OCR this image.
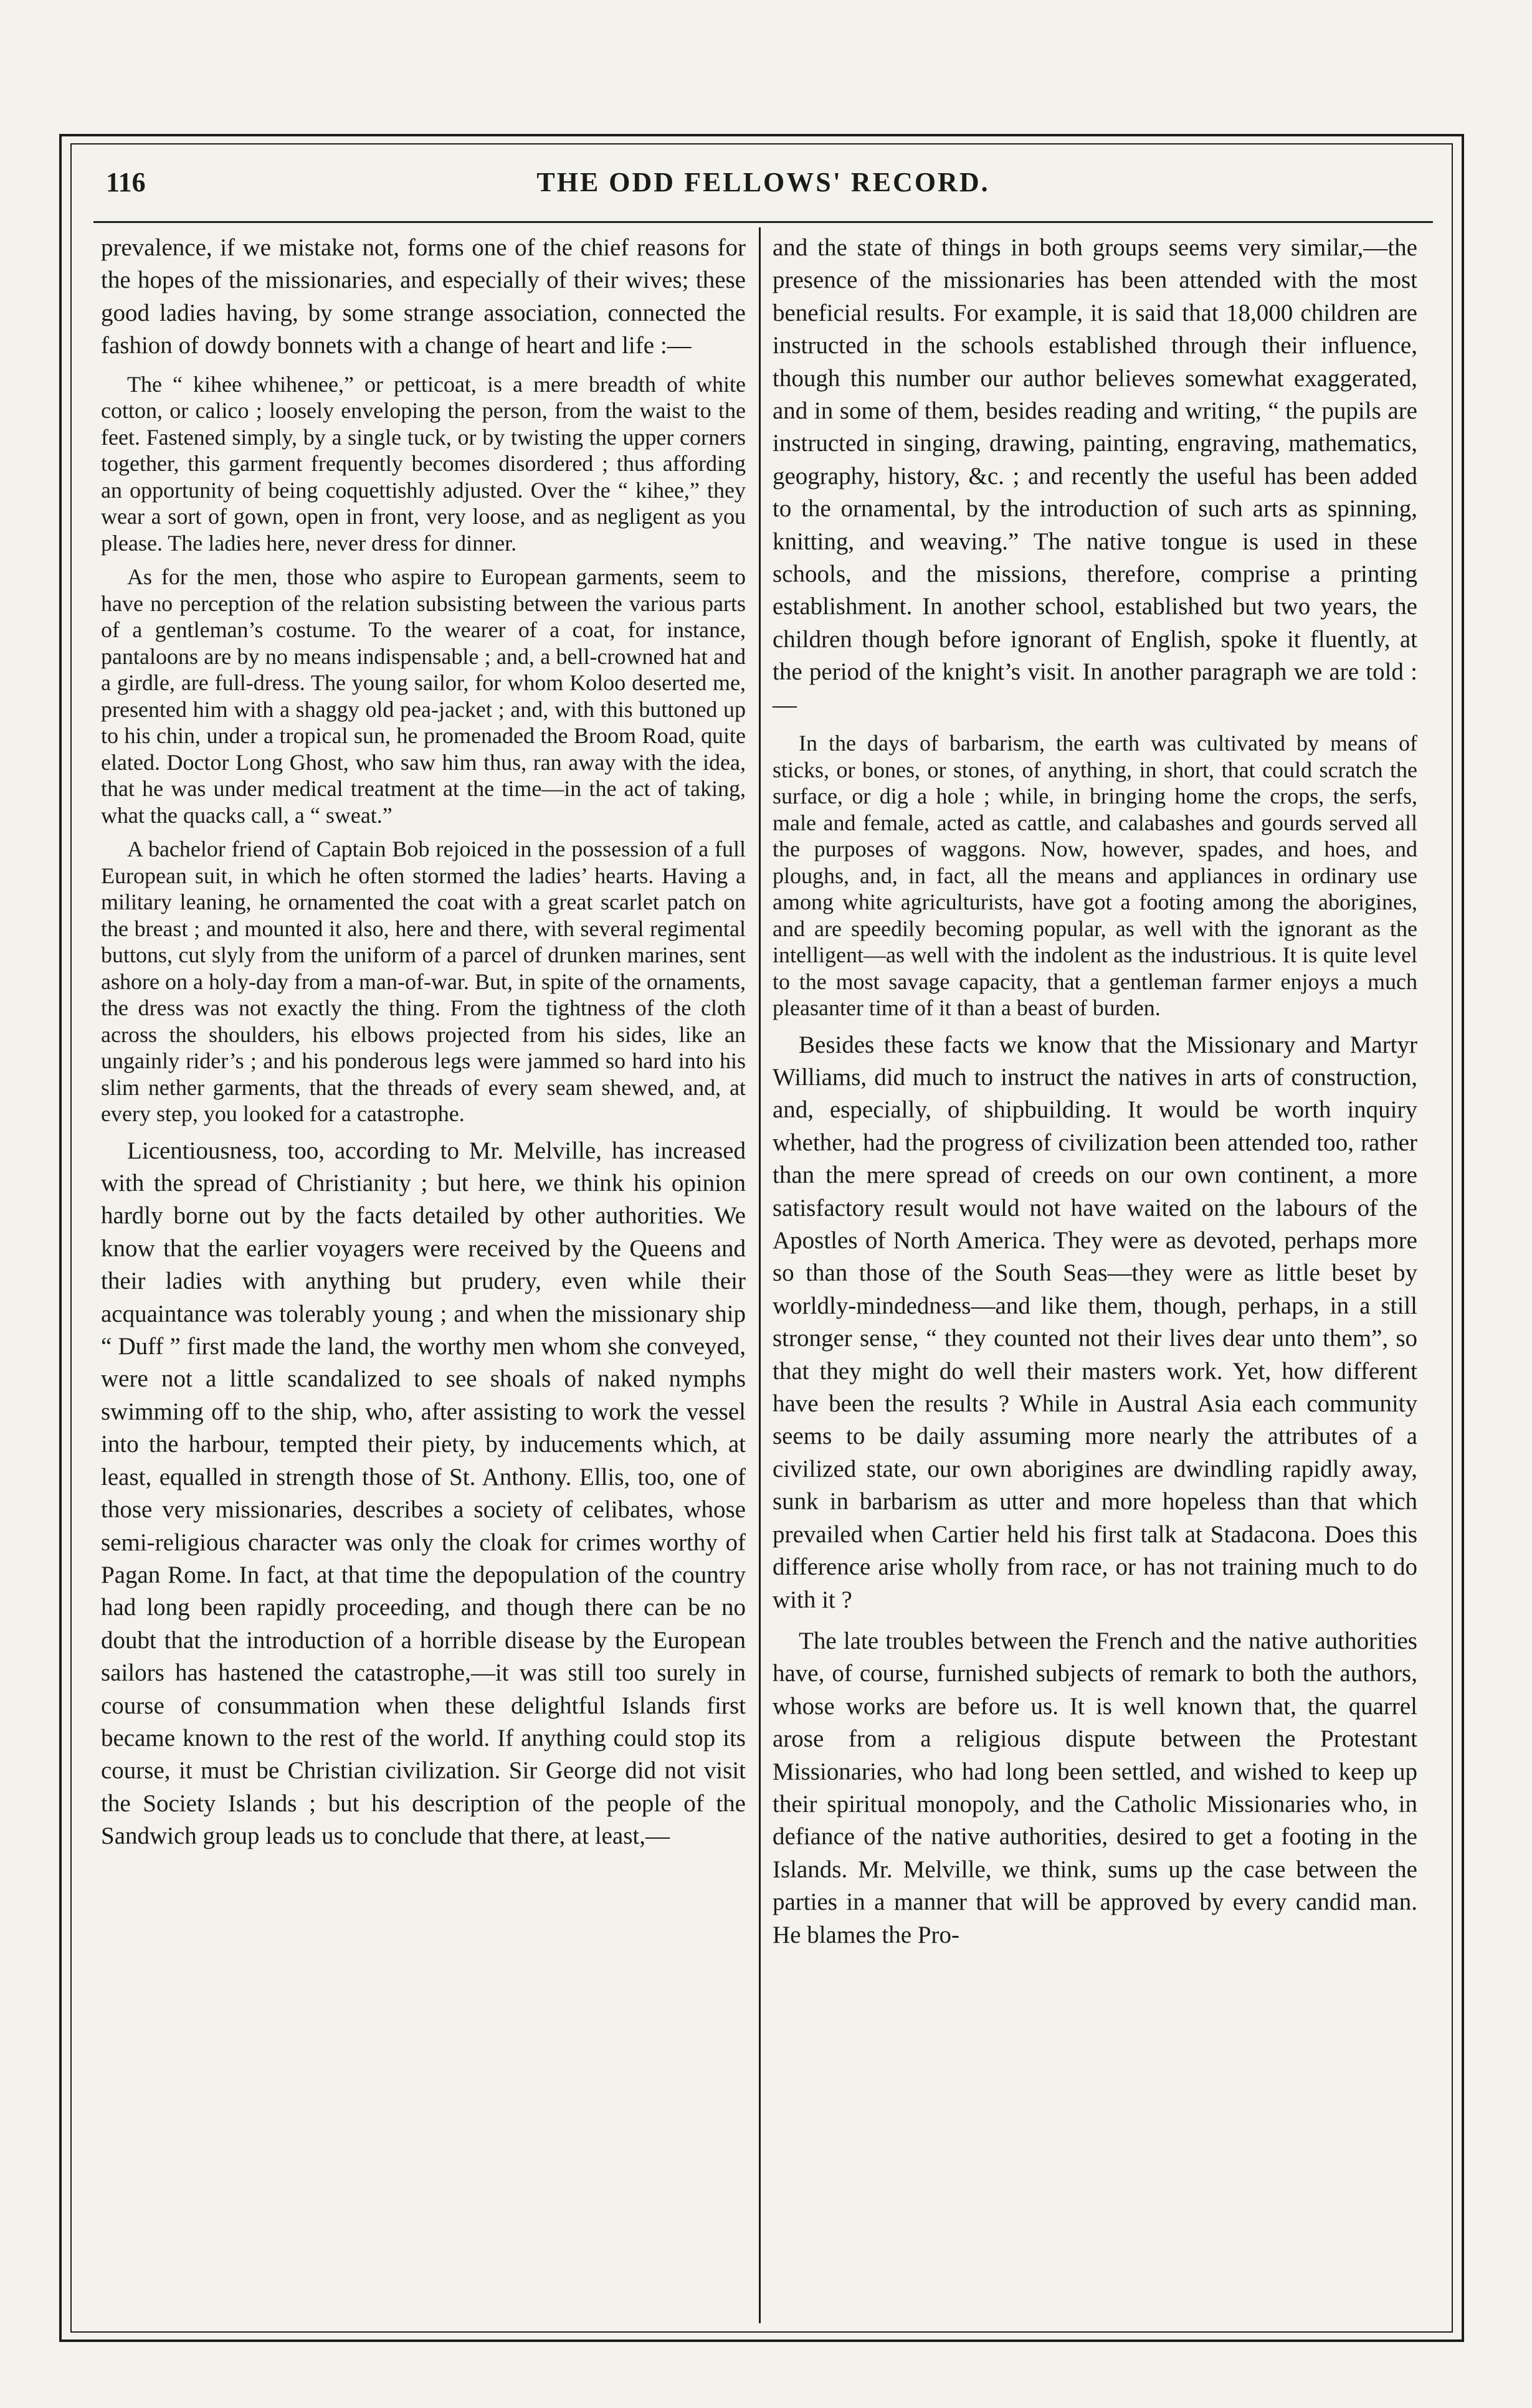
116	THE ODD FELLOWS' RECORD.

prevalence, if we mistake not, forms one of the chief reasons for the hopes of the missionaries, and especially of their wives; these good ladies having, by some strange association, connected the fashion of dowdy bonnets with a change of heart and life :—

The “ kihee whihenee,” or petticoat, is a mere breadth of white cotton, or calico ; loosely enveloping the person, from the waist to the feet. Fastened simply, by a single tuck, or by twisting the upper corners together, this garment frequently becomes disordered ; thus affording an opportunity of being coquettishly adjusted. Over the “ kihee,” they wear a sort of gown, open in front, very loose, and as negligent as you please. The ladies here, never dress for dinner.

As for the men, those who aspire to European garments, seem to have no perception of the relation subsisting between the various parts of a gentleman’s costume. To the wearer of a coat, for instance, pantaloons are by no means indispensable ; and, a bell-crowned hat and a girdle, are full-dress. The young sailor, for whom Koloo deserted me, presented him with a shaggy old pea-jacket ; and, with this buttoned up to his chin, under a tropical sun, he promenaded the Broom Road, quite elated. Doctor Long Ghost, who saw him thus, ran away with the idea, that he was under medical treatment at the time—in the act of taking, what the quacks call, a “ sweat.”

A bachelor friend of Captain Bob rejoiced in the possession of a full European suit, in which he often stormed the ladies’ hearts. Having a military leaning, he ornamented the coat with a great scarlet patch on the breast ; and mounted it also, here and there, with several regimental buttons, cut slyly from the uniform of a parcel of drunken marines, sent ashore on a holy-day from a man-of-war. But, in spite of the ornaments, the dress was not exactly the thing. From the tightness of the cloth across the shoulders, his elbows projected from his sides, like an ungainly rider’s ; and his ponderous legs were jammed so hard into his slim nether garments, that the threads of every seam shewed, and, at every step, you looked for a catastrophe.

Licentiousness, too, according to Mr. Melville, has increased with the spread of Christianity ; but here, we think his opinion hardly borne out by the facts detailed by other authorities. We know that the earlier voyagers were received by the Queens and their ladies with anything but prudery, even while their acquaintance was tolerably young ; and when the missionary ship “ Duff ” first made the land, the worthy men whom she conveyed, were not a little scandalized to see shoals of naked nymphs swimming off to the ship, who, after assisting to work the vessel into the harbour, tempted their piety, by inducements which, at least, equalled in strength those of St. Anthony. Ellis, too, one of those very missionaries, describes a society of celibates, whose semi-religious character was only the cloak for crimes worthy of Pagan Rome. In fact, at that time the depopulation of the country had long been rapidly proceeding, and though there can be no doubt that the introduction of a horrible disease by the European sailors has hastened the catastrophe,—it was still too surely in course of consummation when these delightful Islands first became known to the rest of the world. If anything could stop its course, it must be Christian civilization. Sir George did not visit the Society Islands ; but his description of the people of the Sandwich group leads us to conclude that there, at least,—

and the state of things in both groups seems very similar,—the presence of the missionaries has been attended with the most beneficial results. For example, it is said that 18,000 children are instructed in the schools established through their influence, though this number our author believes somewhat exaggerated, and in some of them, besides reading and writing, “ the pupils are instructed in singing, drawing, painting, engraving, mathematics, geography, history, &c. ; and recently the useful has been added to the ornamental, by the introduction of such arts as spinning, knitting, and weaving.” The native tongue is used in these schools, and the missions, therefore, comprise a printing establishment. In another school, established but two years, the children though before ignorant of English, spoke it fluently, at the period of the knight’s visit. In another paragraph we are told :—

In the days of barbarism, the earth was cultivated by means of sticks, or bones, or stones, of anything, in short, that could scratch the surface, or dig a hole ; while, in bringing home the crops, the serfs, male and female, acted as cattle, and calabashes and gourds served all the purposes of waggons. Now, however, spades, and hoes, and ploughs, and, in fact, all the means and appliances in ordinary use among white agriculturists, have got a footing among the aborigines, and are speedily becoming popular, as well with the ignorant as the intelligent—as well with the indolent as the industrious. It is quite level to the most savage capacity, that a gentleman farmer enjoys a much pleasanter time of it than a beast of burden.

Besides these facts we know that the Missionary and Martyr Williams, did much to instruct the natives in arts of construction, and, especially, of shipbuilding. It would be worth inquiry whether, had the progress of civilization been attended too, rather than the mere spread of creeds on our own continent, a more satisfactory result would not have waited on the labours of the Apostles of North America. They were as devoted, perhaps more so than those of the South Seas—they were as little beset by worldly-mindedness—and like them, though, perhaps, in a still stronger sense, “ they counted not their lives dear unto them”, so that they might do well their masters work. Yet, how different have been the results ? While in Austral Asia each community seems to be daily assuming more nearly the attributes of a civilized state, our own aborigines are dwindling rapidly away, sunk in barbarism as utter and more hopeless than that which prevailed when Cartier held his first talk at Stadacona. Does this difference arise wholly from race, or has not training much to do with it ?

The late troubles between the French and the native authorities have, of course, furnished subjects of remark to both the authors, whose works are before us. It is well known that, the quarrel arose from a religious dispute between the Protestant Missionaries, who had long been settled, and wished to keep up their spiritual monopoly, and the Catholic Missionaries who, in defiance of the native authorities, desired to get a footing in the Islands. Mr. Melville, we think, sums up the case between the parties in a manner that will be approved by every candid man. He blames the Pro-
